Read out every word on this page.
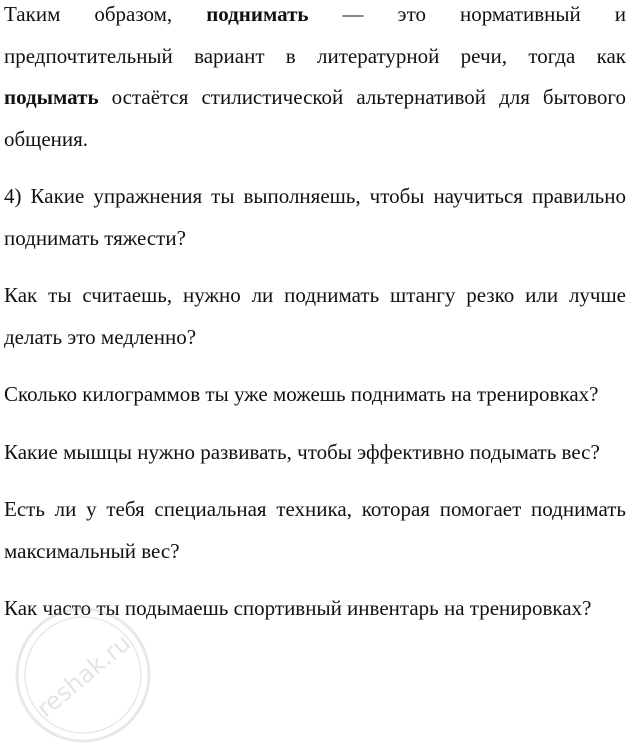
Таким образом, поднимать — это нормативный и предпочтительный вариант в литературной речи, тогда как подымать остаётся стилистической альтернативой для бытового общения.

4) Какие упражнения ты выполняешь, чтобы научиться правильно поднимать тяжести?

Как ты считаешь, нужно ли поднимать штангу резко или лучше делать это медленно?

Сколько килограммов ты уже можешь поднимать на тренировках?

Какие мышцы нужно развивать, чтобы эффективно подымать вес?

Есть ли у тебя специальная техника, которая помогает поднимать максимальный вес?

Как часто ты подымаешь спортивный инвентарь на тренировках?

reshak.ru
